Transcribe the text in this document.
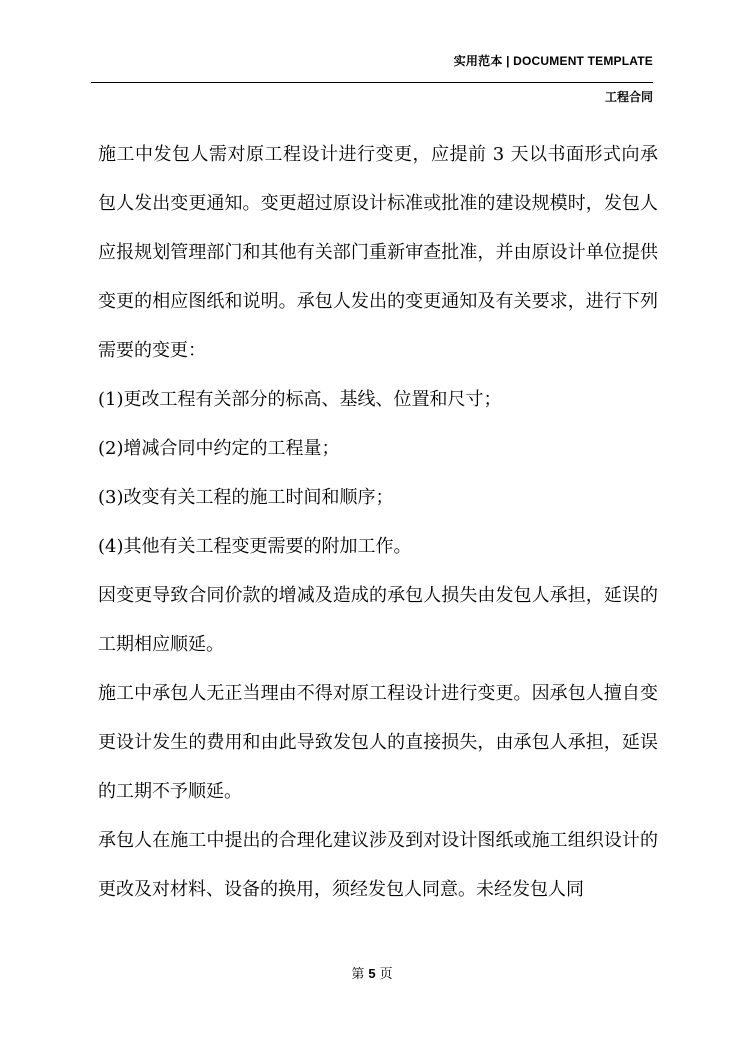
实用范本 | DOCUMENT TEMPLATE
工程合同

施工中发包人需对原工程设计进行变更，应提前 3 天以书面形式向承包人发出变更通知。变更超过原设计标准或批准的建设规模时，发包人应报规划管理部门和其他有关部门重新审查批准，并由原设计单位提供变更的相应图纸和说明。承包人发出的变更通知及有关要求，进行下列需要的变更：

(1)更改工程有关部分的标高、基线、位置和尺寸；

(2)增减合同中约定的工程量；

(3)改变有关工程的施工时间和顺序；

(4)其他有关工程变更需要的附加工作。

因变更导致合同价款的增减及造成的承包人损失由发包人承担，延误的工期相应顺延。

施工中承包人无正当理由不得对原工程设计进行变更。因承包人擅自变更设计发生的费用和由此导致发包人的直接损失，由承包人承担，延误的工期不予顺延。

承包人在施工中提出的合理化建议涉及到对设计图纸或施工组织设计的更改及对材料、设备的换用，须经发包人同意。未经发包人同

第 5 页
